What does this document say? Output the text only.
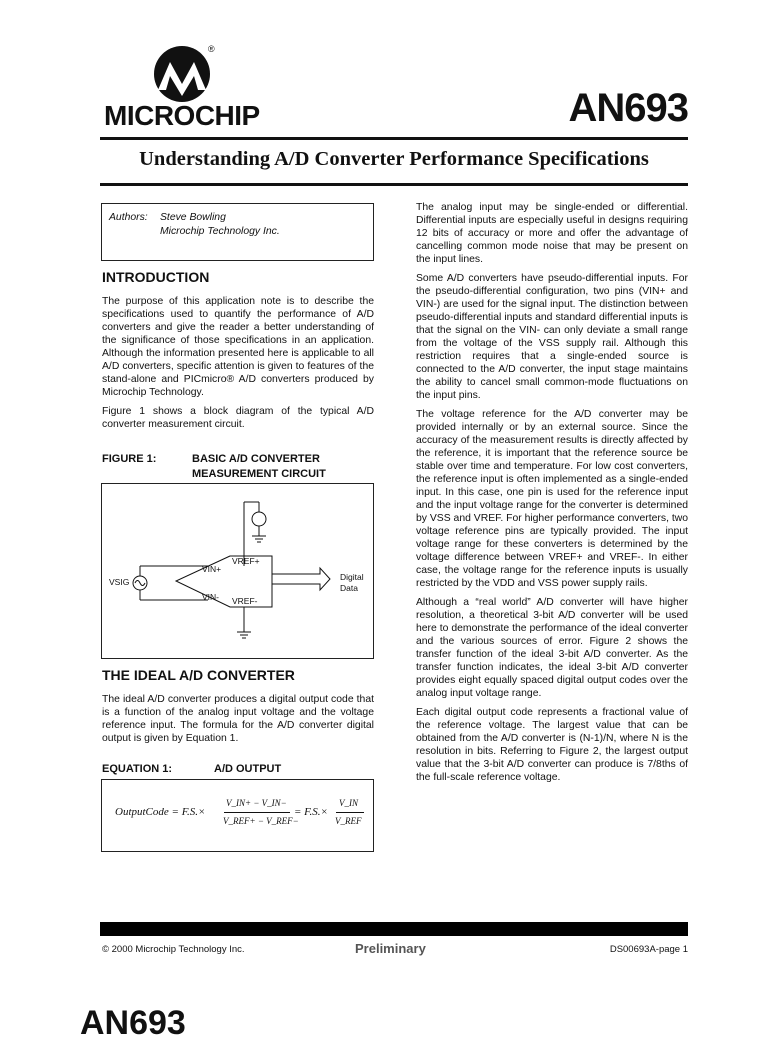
®
MICROCHIP	AN693
Understanding A/D Converter Performance Specifications
Authors: Steve Bowling
Microchip Technology Inc.
INTRODUCTION

The purpose of this application note is to describe the specifications used to quantify the performance of A/D converters and give the reader a better understanding of the significance of those specifications in an application. Although the information presented here is applicable to all A/D converters, specific attention is given to features of the stand-alone and PICmicro® A/D converters produced by Microchip Technology.

Figure 1 shows a block diagram of the typical A/D converter measurement circuit.

FIGURE 1:	BASIC A/D CONVERTER
MEASUREMENT CIRCUIT
VREF+
VIN+
VIN- VREF-
VSIG	Digital
Data
THE IDEAL A/D CONVERTER

The ideal A/D converter produces a digital output code that is a function of the analog input voltage and the voltage reference input. The formula for the A/D converter digital output is given by Equation 1.

EQUATION 1:	A/D OUTPUT
OutputCode = F.S.×
V_IN+ − V_IN−
V_REF+ − V_REF−
= F.S.×
V_IN
V_REF

The analog input may be single-ended or differential. Differential inputs are especially useful in designs requiring 12 bits of accuracy or more and offer the advantage of cancelling common mode noise that may be present on the input lines.

Some A/D converters have pseudo-differential inputs. For the pseudo-differential configuration, two pins (VIN+ and VIN-) are used for the signal input. The distinction between pseudo-differential inputs and standard differential inputs is that the signal on the VIN- can only deviate a small range from the voltage of the VSS supply rail. Although this restriction requires that a single-ended source is connected to the A/D converter, the input stage maintains the ability to cancel small common-mode fluctuations on the input pins.

The voltage reference for the A/D converter may be provided internally or by an external source. Since the accuracy of the measurement results is directly affected by the reference, it is important that the reference source be stable over time and temperature. For low cost converters, the reference input is often implemented as a single-ended input. In this case, one pin is used for the reference input and the input voltage range for the converter is determined by VSS and VREF. For higher performance converters, two voltage reference pins are typically provided. The input voltage range for these converters is determined by the voltage difference between VREF+ and VREF-. In either case, the voltage range for the reference inputs is usually restricted by the VDD and VSS power supply rails.

Although a “real world” A/D converter will have higher resolution, a theoretical 3-bit A/D converter will be used here to demonstrate the performance of the ideal converter and the various sources of error. Figure 2 shows the transfer function of the ideal 3-bit A/D converter. As the transfer function indicates, the ideal 3-bit A/D converter provides eight equally spaced digital output codes over the analog input voltage range.

Each digital output code represents a fractional value of the reference voltage. The largest value that can be obtained from the A/D converter is (N-1)/N, where N is the resolution in bits. Referring to Figure 2, the largest output value that the 3-bit A/D converter can produce is 7/8ths of the full-scale reference voltage.

© 2000 Microchip Technology Inc.	Preliminary	DS00693A-page 1
AN693
